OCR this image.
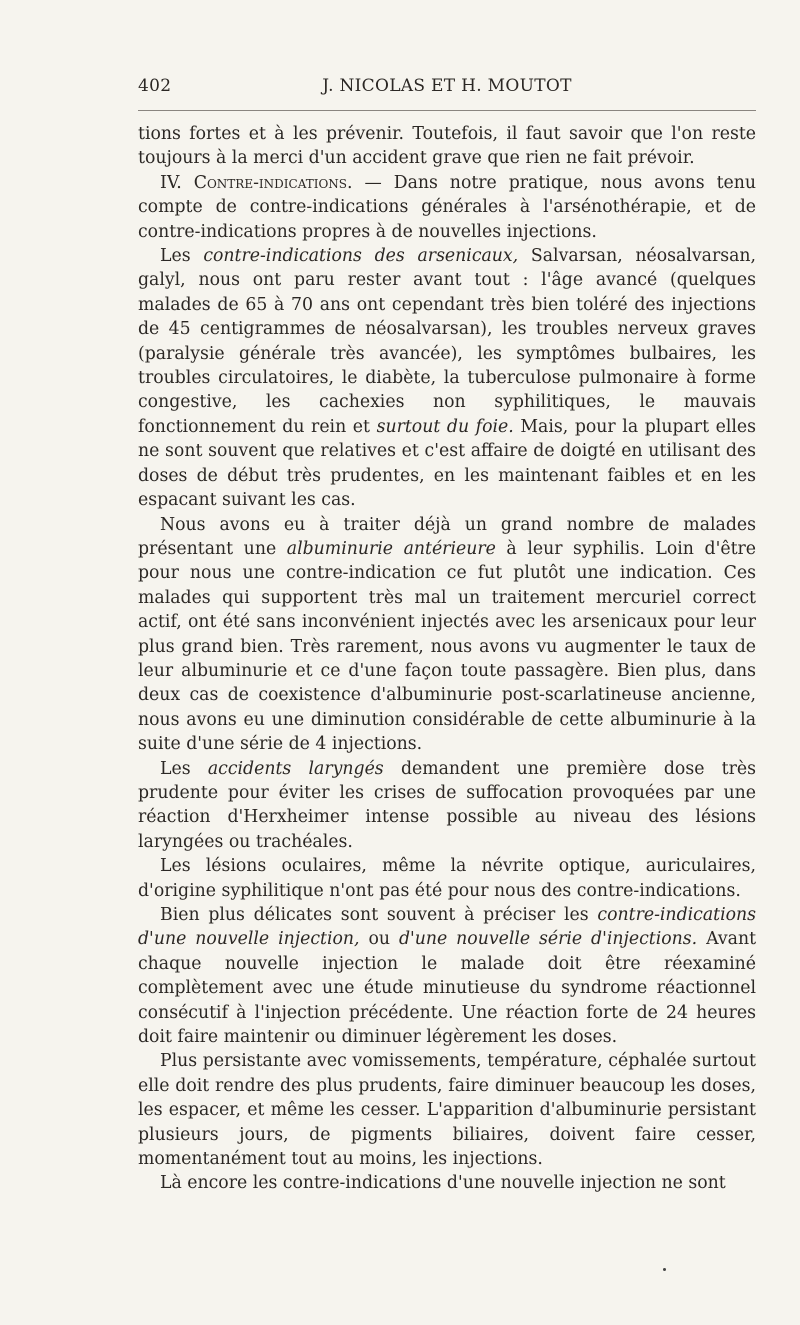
402	J. NICOLAS ET H. MOUTOT

tions fortes et à les prévenir. Toutefois, il faut savoir que l'on reste toujours à la merci d'un accident grave que rien ne fait prévoir.

IV. Contre-indications. — Dans notre pratique, nous avons tenu compte de contre-indications générales à l'arsénothérapie, et de contre-indications propres à de nouvelles injections.

Les contre-indications des arsenicaux, Salvarsan, néosalvarsan, galyl, nous ont paru rester avant tout : l'âge avancé (quelques malades de 65 à 70 ans ont cependant très bien toléré des injections de 45 centigrammes de néosalvarsan), les troubles nerveux graves (paralysie générale très avancée), les symptômes bulbaires, les troubles circulatoires, le diabète, la tuberculose pulmonaire à forme congestive, les cachexies non syphilitiques, le mauvais fonctionnement du rein et surtout du foie. Mais, pour la plupart elles ne sont souvent que relatives et c'est affaire de doigté en utilisant des doses de début très prudentes, en les maintenant faibles et en les espacant suivant les cas.

Nous avons eu à traiter déjà un grand nombre de malades présentant une albuminurie antérieure à leur syphilis. Loin d'être pour nous une contre-indication ce fut plutôt une indication. Ces malades qui supportent très mal un traitement mercuriel correct actif, ont été sans inconvénient injectés avec les arsenicaux pour leur plus grand bien. Très rarement, nous avons vu augmenter le taux de leur albuminurie et ce d'une façon toute passagère. Bien plus, dans deux cas de coexistence d'albuminurie post-scarlatineuse ancienne, nous avons eu une diminution considérable de cette albuminurie à la suite d'une série de 4 injections.

Les accidents laryngés demandent une première dose très prudente pour éviter les crises de suffocation provoquées par une réaction d'Herxheimer intense possible au niveau des lésions laryngées ou trachéales.

Les lésions oculaires, même la névrite optique, auriculaires, d'origine syphilitique n'ont pas été pour nous des contre-indications.

Bien plus délicates sont souvent à préciser les contre-indications d'une nouvelle injection, ou d'une nouvelle série d'injections. Avant chaque nouvelle injection le malade doit être réexaminé complètement avec une étude minutieuse du syndrome réactionnel consécutif à l'injection précédente. Une réaction forte de 24 heures doit faire maintenir ou diminuer légèrement les doses.

Plus persistante avec vomissements, température, céphalée surtout elle doit rendre des plus prudents, faire diminuer beaucoup les doses, les espacer, et même les cesser. L'apparition d'albuminurie persistant plusieurs jours, de pigments biliaires, doivent faire cesser, momentanément tout au moins, les injections.

Là encore les contre-indications d'une nouvelle injection ne sont
